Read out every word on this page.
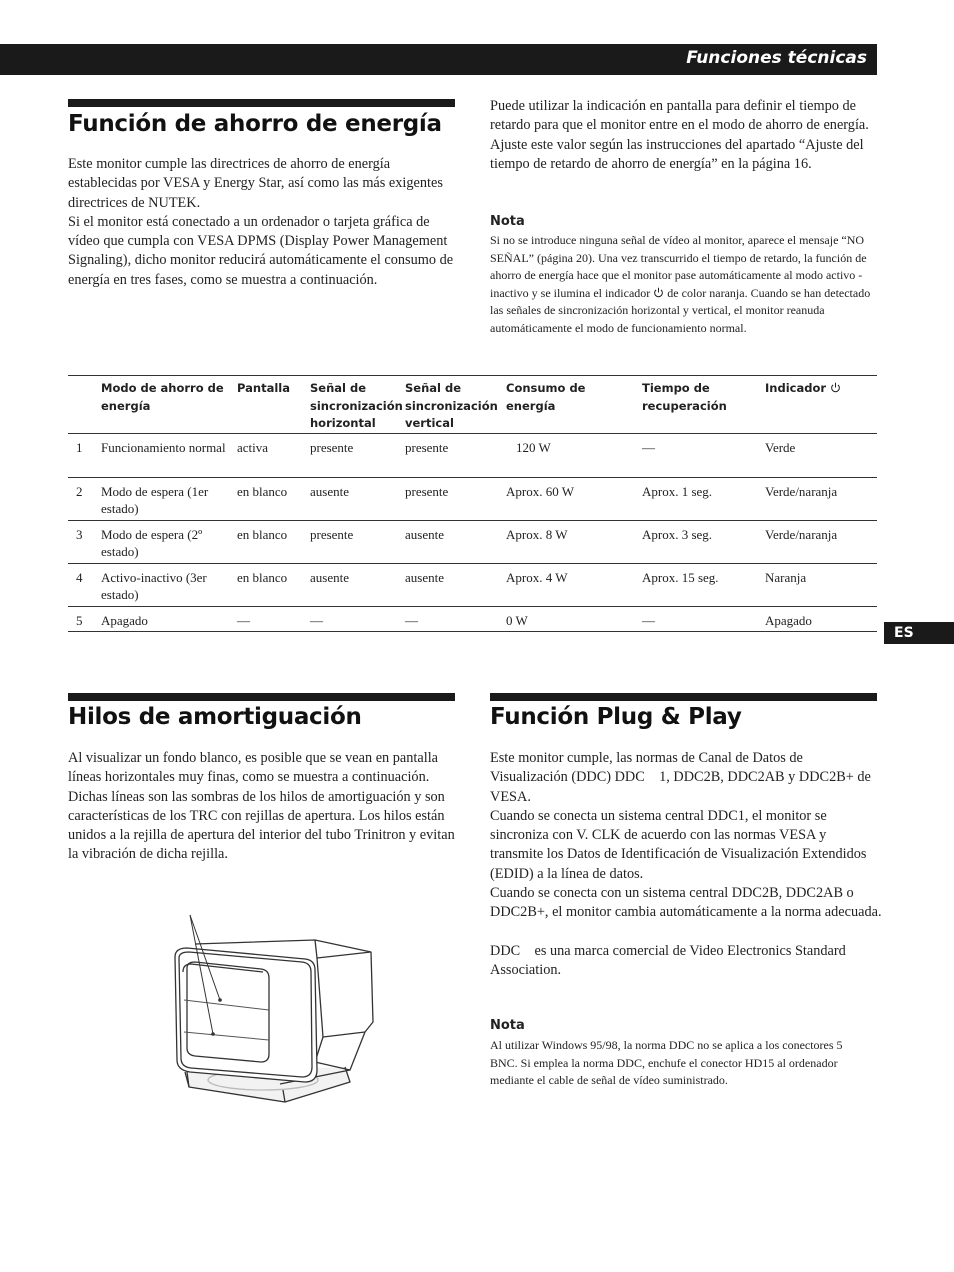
Funciones técnicas
Función de ahorro de energía

Este monitor cumple las directrices de ahorro de energía establecidas por VESA y Energy Star, así como las más exigentes directrices de NUTEK.

Si el monitor está conectado a un ordenador o tarjeta gráfica de vídeo que cumpla con VESA DPMS (Display Power Management Signaling), dicho monitor reducirá automáticamente el consumo de energía en tres fases, como se muestra a continuación.

Puede utilizar la indicación en pantalla para definir el tiempo de retardo para que el monitor entre en el modo de ahorro de energía. Ajuste este valor según las instrucciones del apartado “Ajuste del tiempo de retardo de ahorro de energía” en la página 16.
Nota
Si no se introduce ninguna señal de vídeo al monitor, aparece el mensaje “NO SEÑAL” (página 20). Una vez transcurrido el tiempo de retardo, la función de ahorro de energía hace que el monitor pase automáticamente al modo activo - inactivo y se ilumina el indicador de color naranja. Cuando se han detectado las señales de sincronización horizontal y vertical, el monitor reanuda automáticamente el modo de funcionamiento normal.
	Modo de ahorro de energía	Pantalla	Señal de sincronización horizontal	Señal de sincronización vertical	Consumo de energía	Tiempo de recuperación	Indicador
1	Funcionamiento normal	activa	presente	presente	120 W	—	Verde
2	Modo de espera (1er estado)	en blanco	ausente	presente	Aprox. 60 W	Aprox. 1 seg.	Verde/naranja
3	Modo de espera (2º estado)	en blanco	presente	ausente	Aprox. 8 W	Aprox. 3 seg.	Verde/naranja
4	Activo-inactivo (3er estado)	en blanco	ausente	ausente	Aprox. 4 W	Aprox. 15 seg.	Naranja
5	Apagado	—	—	—	0 W	—	Apagado
ES
Hilos de amortiguación
Al visualizar un fondo blanco, es posible que se vean en pantalla líneas horizontales muy finas, como se muestra a continuación. Dichas líneas son las sombras de los hilos de amortiguación y son características de los TRC con rejillas de apertura. Los hilos están unidos a la rejilla de apertura del interior del tubo Trinitron y evitan la vibración de dicha rejilla.
Función Plug & Play

Este monitor cumple, las normas de Canal de Datos de Visualización (DDC) DDC    1, DDC2B, DDC2AB y DDC2B+ de VESA.

Cuando se conecta un sistema central DDC1, el monitor se sincroniza con V. CLK de acuerdo con las normas VESA y transmite los Datos de Identificación de Visualización Extendidos (EDID) a la línea de datos.

Cuando se conecta con un sistema central DDC2B, DDC2AB o DDC2B+, el monitor cambia automáticamente a la norma adecuada.

DDC    es una marca comercial de Video Electronics Standard Association.

Nota
Al utilizar Windows 95/98, la norma DDC no se aplica a los conectores 5 BNC. Si emplea la norma DDC, enchufe el conector HD15 al ordenador mediante el cable de señal de vídeo suministrado.
